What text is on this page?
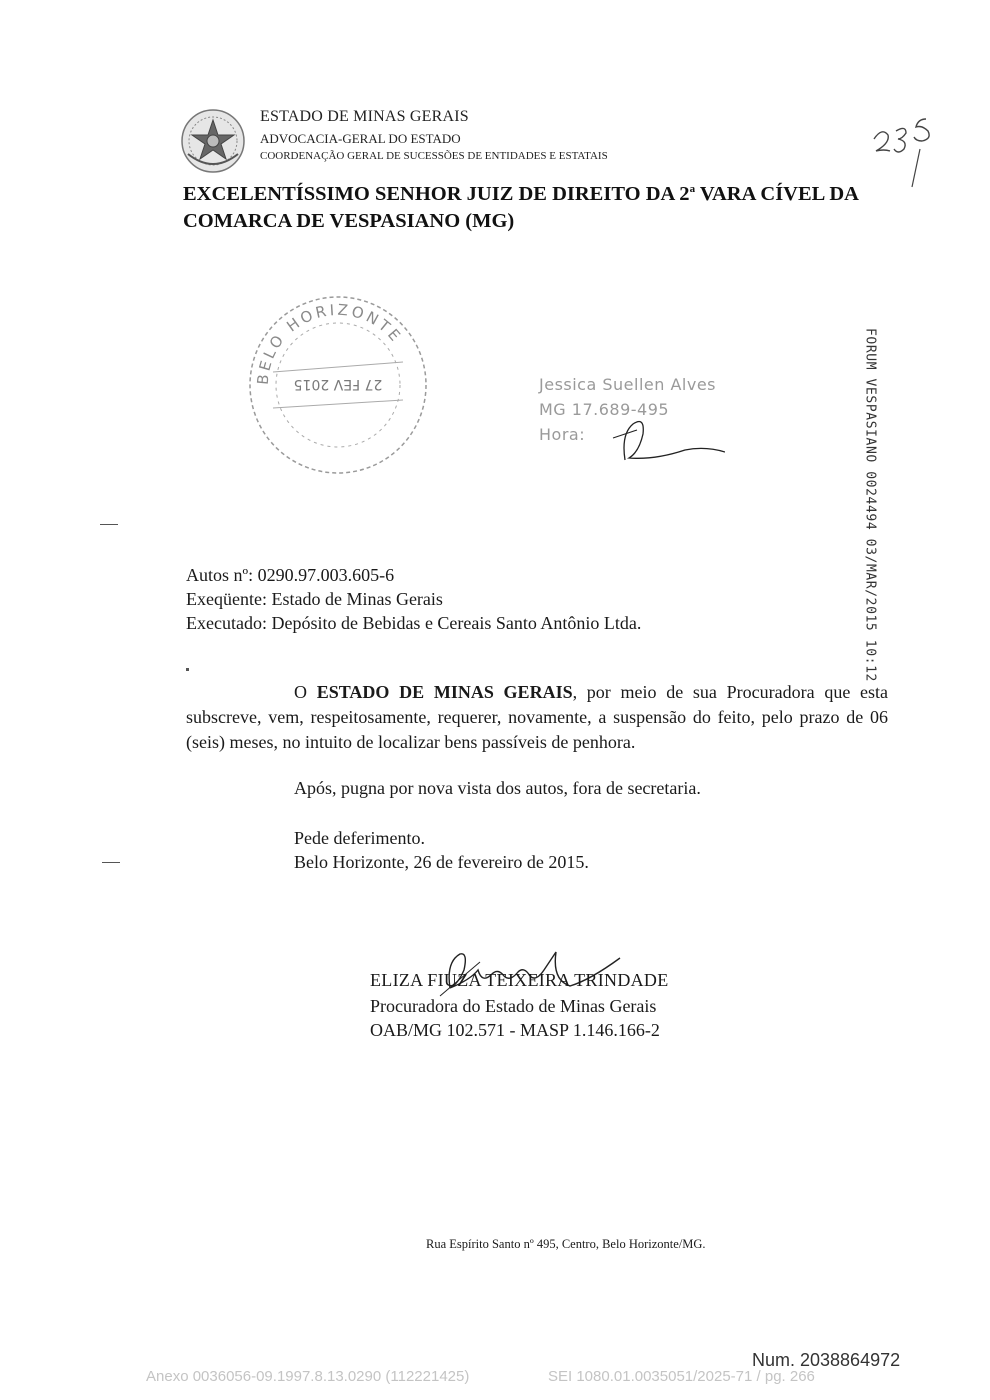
ESTADO DE MINAS GERAIS
ADVOCACIA-GERAL DO ESTADO
COORDENAÇÃO GERAL DE SUCESSÕES DE ENTIDADES E ESTATAIS
235
EXCELENTÍSSIMO SENHOR JUIZ DE DIREITO DA 2$^a$ VARA CÍVEL DA COMARCA DE VESPASIANO (MG)
BELO HORIZONTE
27 FEV 2015	Jessica Suellen Alves
MG 17.689-495
Hora:	FORUM VESPASIANO 0024494 03/MAR/2015 10:12
Autos nº: 0290.97.003.605-6
Exeqüente: Estado de Minas Gerais
Executado: Depósito de Bebidas e Cereais Santo Antônio Ltda.
O ESTADO DE MINAS GERAIS, por meio de sua Procuradora que esta subscreve, vem, respeitosamente, requerer, novamente, a suspensão do feito, pelo prazo de 06 (seis) meses, no intuito de localizar bens passíveis de penhora.
Após, pugna por nova vista dos autos, fora de secretaria.
Pede deferimento.
Belo Horizonte, 26 de fevereiro de 2015.
ELIZA FIUZA TEIXEIRA TRINDADE
Procuradora do Estado de Minas Gerais
OAB/MG 102.571 - MASP 1.146.166-2
Rua Espírito Santo nº 495, Centro, Belo Horizonte/MG.
Num. 2038864972
Anexo 0036056-09.1997.8.13.0290 (112221425)	SEI 1080.01.0035051/2025-71 / pg. 266
